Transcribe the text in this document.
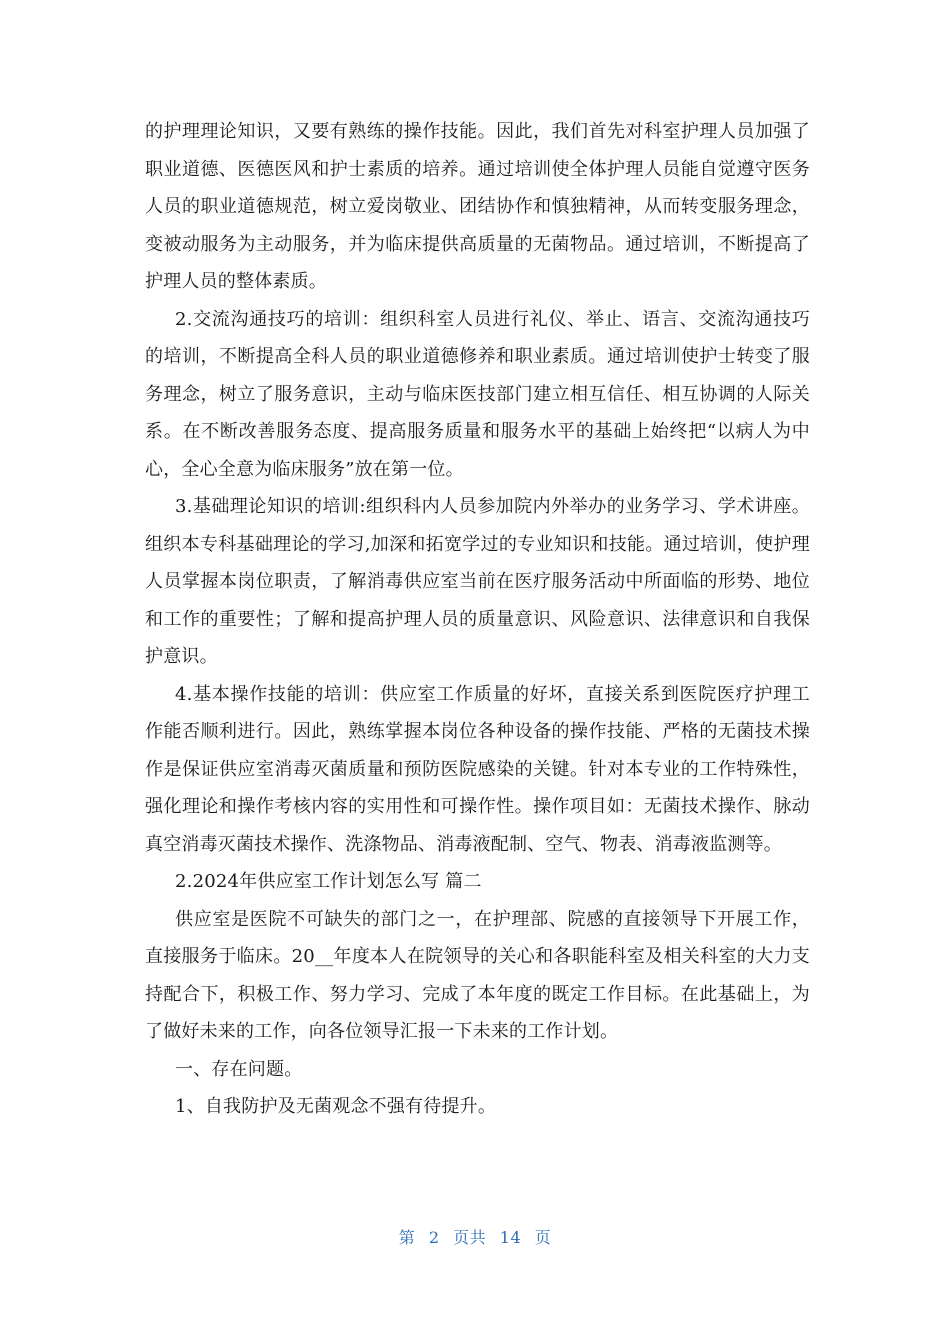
的护理理论知识，又要有熟练的操作技能。因此，我们首先对科室护理人员加强了职业道德、医德医风和护士素质的培养。通过培训使全体护理人员能自觉遵守医务人员的职业道德规范，树立爱岗敬业、团结协作和慎独精神，从而转变服务理念，变被动服务为主动服务，并为临床提供高质量的无菌物品。通过培训，不断提高了护理人员的整体素质。

2.交流沟通技巧的培训：组织科室人员进行礼仪、举止、语言、交流沟通技巧的培训，不断提高全科人员的职业道德修养和职业素质。通过培训使护士转变了服务理念，树立了服务意识，主动与临床医技部门建立相互信任、相互协调的人际关系。在不断改善服务态度、提高服务质量和服务水平的基础上始终把“以病人为中心，全心全意为临床服务”放在第一位。

3.基础理论知识的培训:组织科内人员参加院内外举办的业务学习、学术讲座。组织本专科基础理论的学习,加深和拓宽学过的专业知识和技能。通过培训，使护理人员掌握本岗位职责，了解消毒供应室当前在医疗服务活动中所面临的形势、地位和工作的重要性；了解和提高护理人员的质量意识、风险意识、法律意识和自我保护意识。

4.基本操作技能的培训：供应室工作质量的好坏，直接关系到医院医疗护理工作能否顺利进行。因此，熟练掌握本岗位各种设备的操作技能、严格的无菌技术操作是保证供应室消毒灭菌质量和预防医院感染的关键。针对本专业的工作特殊性，强化理论和操作考核内容的实用性和可操作性。操作项目如：无菌技术操作、脉动真空消毒灭菌技术操作、洗涤物品、消毒液配制、空气、物表、消毒液监测等。

2.2024年供应室工作计划怎么写 篇二

供应室是医院不可缺失的部门之一，在护理部、院感的直接领导下开展工作，直接服务于临床。20__年度本人在院领导的关心和各职能科室及相关科室的大力支持配合下，积极工作、努力学习、完成了本年度的既定工作目标。在此基础上，为了做好未来的工作，向各位领导汇报一下未来的工作计划。

一、存在问题。

1、自我防护及无菌观念不强有待提升。

第 2 页共 14 页
